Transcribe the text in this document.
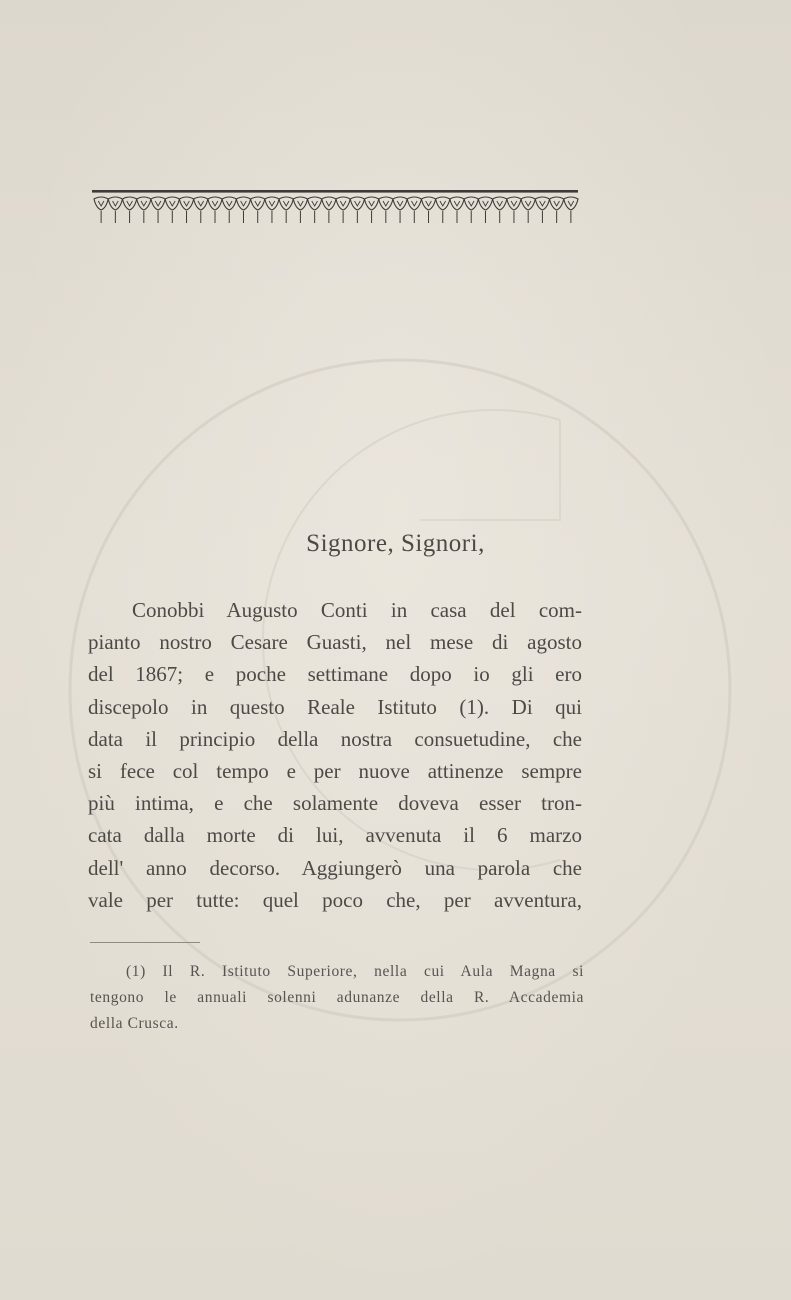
Signore, Signori,
Conobbi Augusto Conti in casa del com-
pianto nostro Cesare Guasti, nel mese di agosto
del 1867; e poche settimane dopo io gli ero
discepolo in questo Reale Istituto (1). Di qui
data il principio della nostra consuetudine, che
si fece col tempo e per nuove attinenze sempre
più intima, e che solamente doveva esser tron-
cata dalla morte di lui, avvenuta il 6 marzo
dell' anno decorso. Aggiungerò una parola che
vale per tutte: quel poco che, per avventura,
(1) Il R. Istituto Superiore, nella cui Aula Magna si
tengono le annuali solenni adunanze della R. Accademia
della Crusca.
